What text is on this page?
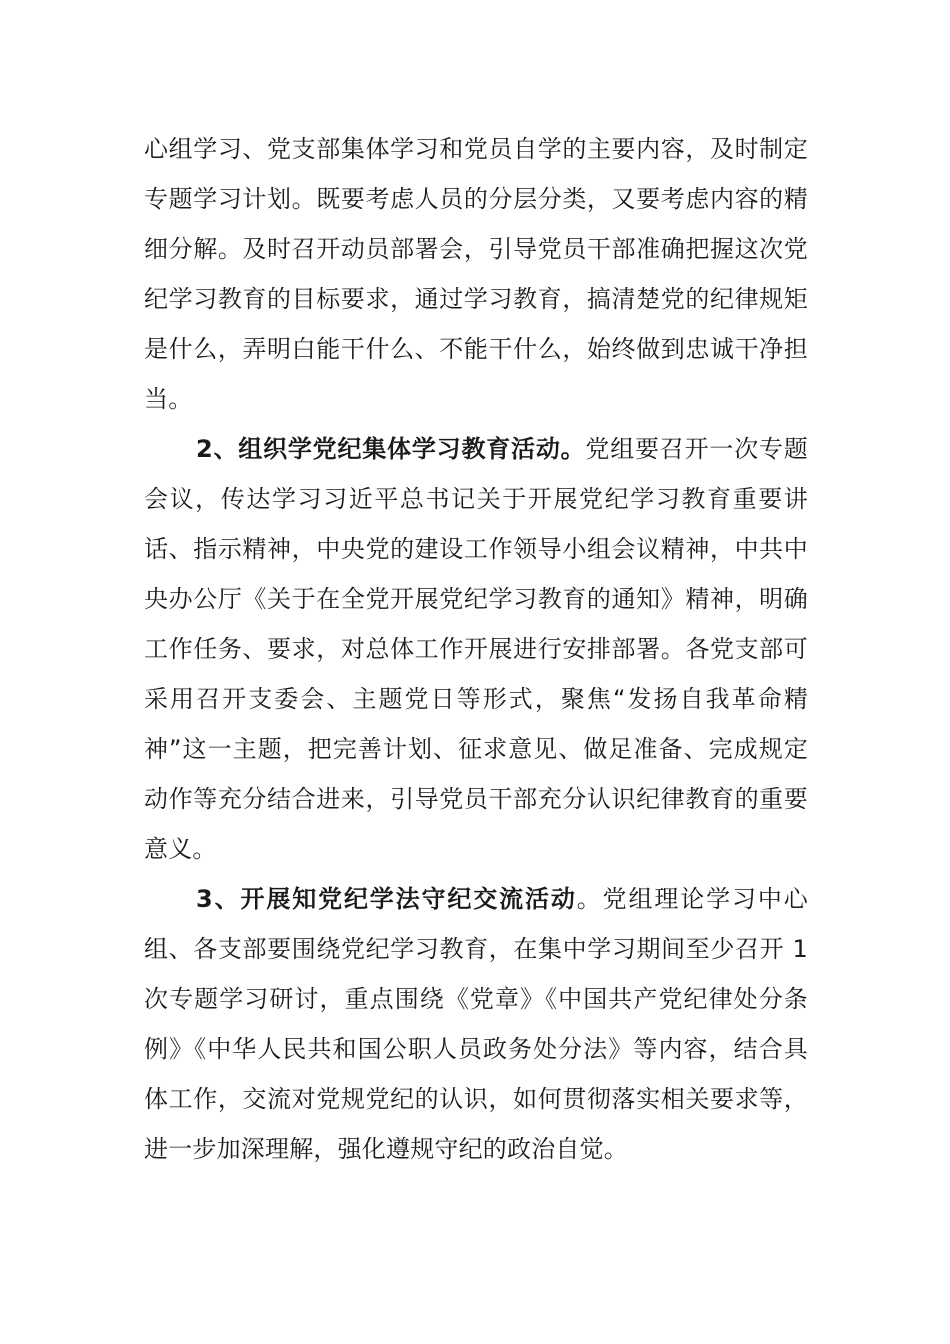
心组学习、党支部集体学习和党员自学的主要内容，及时制定专题学习计划。既要考虑人员的分层分类，又要考虑内容的精细分解。及时召开动员部署会，引导党员干部准确把握这次党纪学习教育的目标要求，通过学习教育，搞清楚党的纪律规矩是什么，弄明白能干什么、不能干什么，始终做到忠诚干净担当。

2、组织学党纪集体学习教育活动。党组要召开一次专题会议，传达学习习近平总书记关于开展党纪学习教育重要讲话、指示精神，中央党的建设工作领导小组会议精神，中共中央办公厅《关于在全党开展党纪学习教育的通知》精神，明确工作任务、要求，对总体工作开展进行安排部署。各党支部可采用召开支委会、主题党日等形式，聚焦“发扬自我革命精神”这一主题，把完善计划、征求意见、做足准备、完成规定动作等充分结合进来，引导党员干部充分认识纪律教育的重要意义。

3、开展知党纪学法守纪交流活动。党组理论学习中心组、各支部要围绕党纪学习教育，在集中学习期间至少召开 1 次专题学习研讨，重点围绕《党章》《中国共产党纪律处分条例》《中华人民共和国公职人员政务处分法》等内容，结合具体工作，交流对党规党纪的认识，如何贯彻落实相关要求等，进一步加深理解，强化遵规守纪的政治自觉。
